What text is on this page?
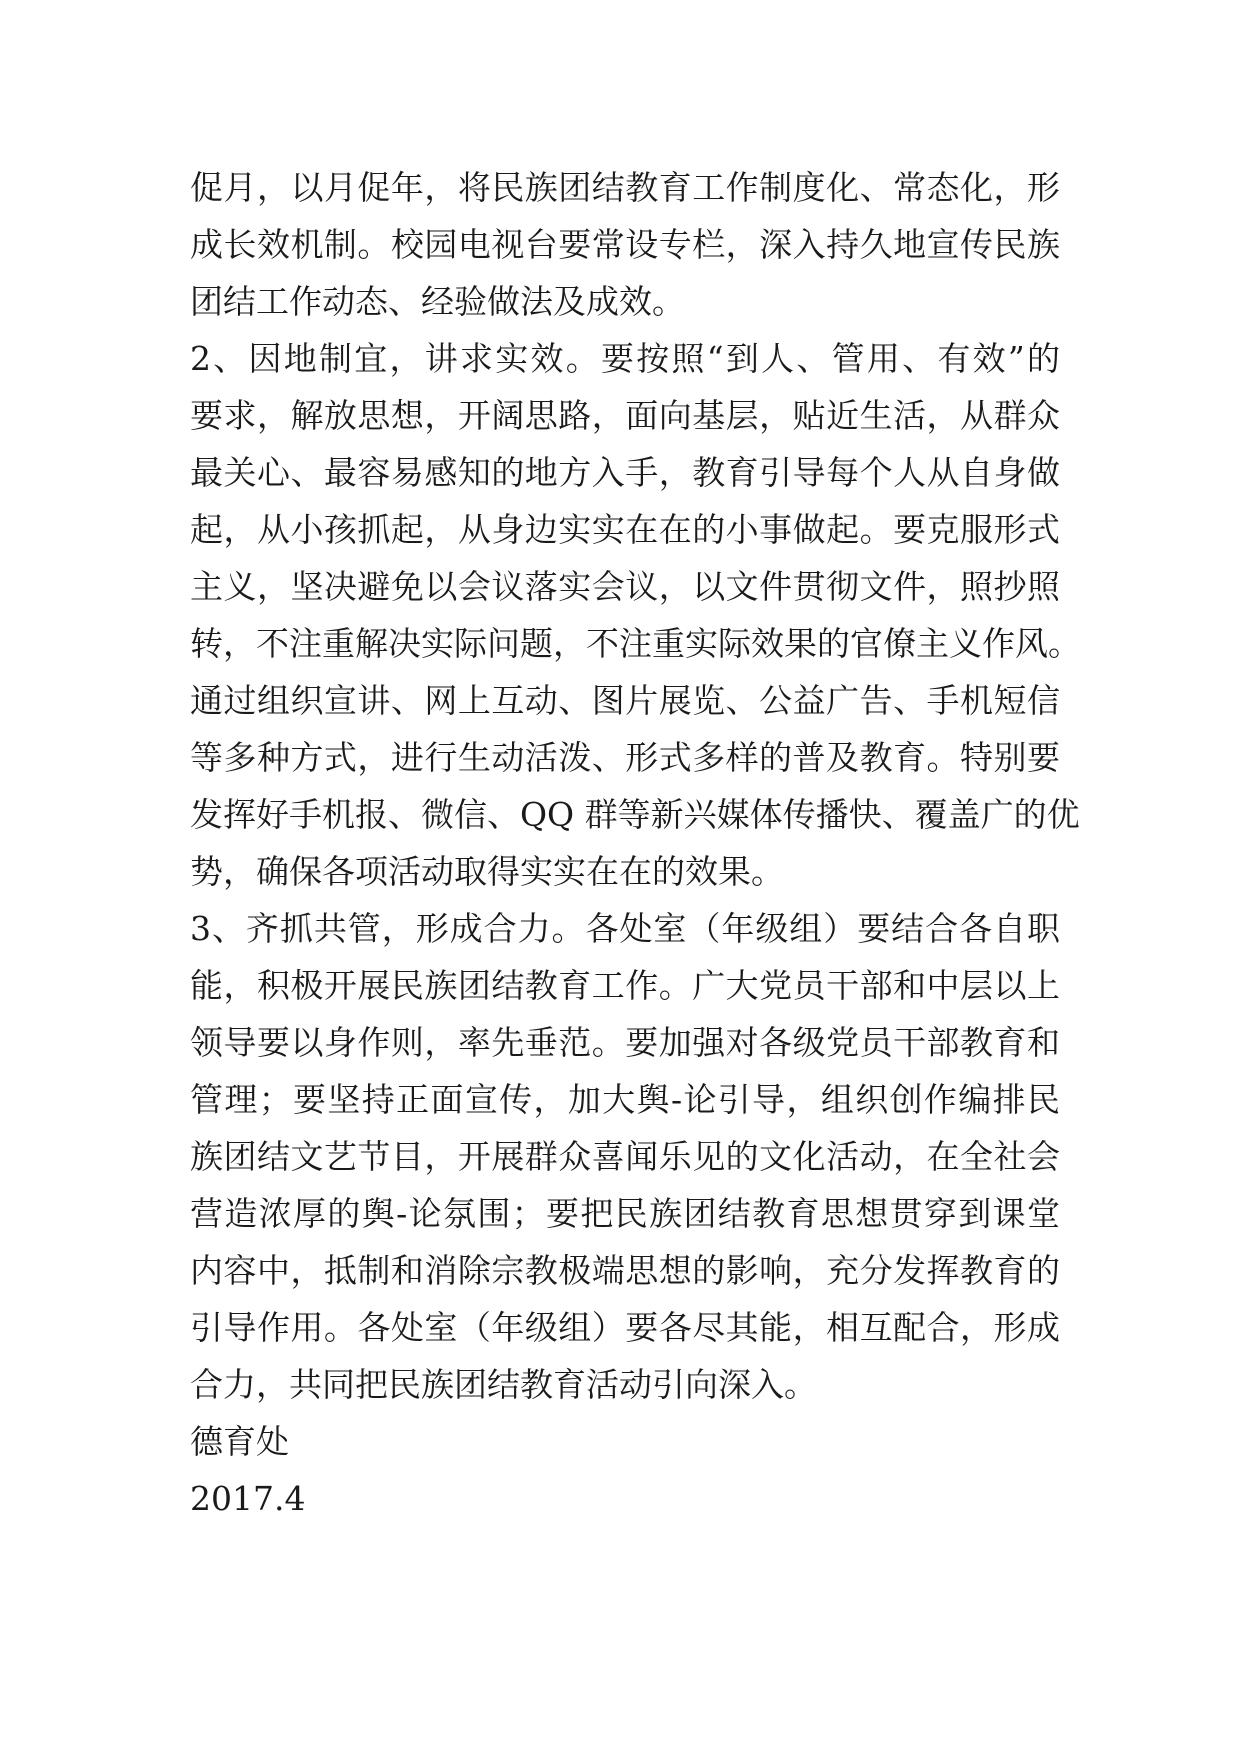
促月，以月促年，将民族团结教育工作制度化、常态化，形
成长效机制。校园电视台要常设专栏，深入持久地宣传民族
团结工作动态、经验做法及成效。
2、因地制宜，讲求实效。要按照“到人、管用、有效”的
要求，解放思想，开阔思路，面向基层，贴近生活，从群众
最关心、最容易感知的地方入手，教育引导每个人从自身做
起，从小孩抓起，从身边实实在在的小事做起。要克服形式
主义，坚决避免以会议落实会议，以文件贯彻文件，照抄照
转，不注重解决实际问题，不注重实际效果的官僚主义作风。
通过组织宣讲、网上互动、图片展览、公益广告、手机短信
等多种方式，进行生动活泼、形式多样的普及教育。特别要
发挥好手机报、微信、QQ 群等新兴媒体传播快、覆盖广的优
势，确保各项活动取得实实在在的效果。
3、齐抓共管，形成合力。各处室（年级组）要结合各自职
能，积极开展民族团结教育工作。广大党员干部和中层以上
领导要以身作则，率先垂范。要加强对各级党员干部教育和
管理；要坚持正面宣传，加大舆-论引导，组织创作编排民
族团结文艺节目，开展群众喜闻乐见的文化活动，在全社会
营造浓厚的舆-论氛围；要把民族团结教育思想贯穿到课堂
内容中，抵制和消除宗教极端思想的影响，充分发挥教育的
引导作用。各处室（年级组）要各尽其能，相互配合，形成
合力，共同把民族团结教育活动引向深入。
德育处
2017.4
